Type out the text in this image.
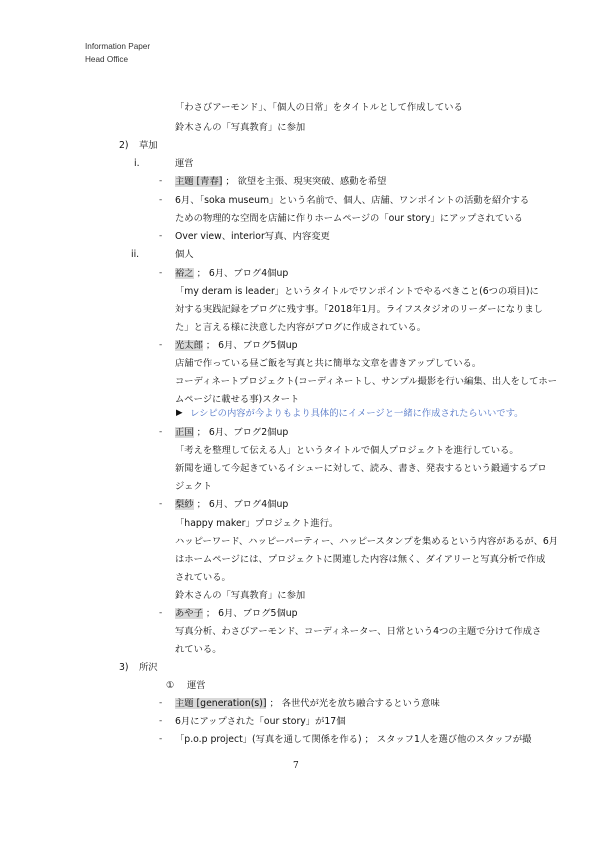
Information Paper
Head Office
「わさびアーモンド」、「個人の日常」をタイトルとして作成している
鈴木さんの「写真教育」に参加
2) 草加
i.	運営
- 主題 [青春] ； 欲望を主張、現実突破、感動を希望
- 6月、「soka museum」という名前で、個人、店舗、ワンポイントの活動を紹介する
ための物理的な空間を店舗に作りホームページの「our story」にアップされている
- Over view、interior写真、内容変更
ii.	個人
- 裕之 ； 6月、ブログ4個up
「my deram is leader」というタイトルでワンポイントでやるべきこと(6つの項目)に
対する実践記録をブログに残す事。「2018年1月。ライフスタジオのリーダーになりまし
た」と言える様に決意した内容がブログに作成されている。
- 光太郎 ； 6月、ブログ5個up
店舗で作っている昼ご飯を写真と共に簡単な文章を書きアップしている。
コーディネートプロジェクト(コーディネートし、サンプル撮影を行い編集、出人をしてホー
ムページに載せる事)スタート
▶ レシピの内容が今よりもより具体的にイメージと一緒に作成されたらいいです。
- 正国 ； 6月、ブログ2個up
「考えを整理して伝える人」というタイトルで個人プロジェクトを進行している。
新聞を通して今起きているイシューに対して、読み、書き、発表するという鍛通するプロ
ジェクト
- 梨紗 ； 6月、ブログ4個up
「happy maker」プロジェクト進行。
ハッピーワード、ハッピーパーティー、ハッピースタンプを集めるという内容があるが、6月
はホームページには、プロジェクトに関連した内容は無く、ダイアリーと写真分析で作成
されている。
鈴木さんの「写真教育」に参加
- あや子 ； 6月、ブログ5個up
写真分析、わさびアーモンド、コーディネーター、日常という4つの主題で分けて作成さ
れている。
3) 所沢
① 運営
- 主題 [generation(s)] ； 各世代が光を放ち融合するという意味
- 6月にアップされた「our story」が17個
- 「p.o.p project」(写真を通して関係を作る) ； スタッフ1人を選び他のスタッフが撮
7
